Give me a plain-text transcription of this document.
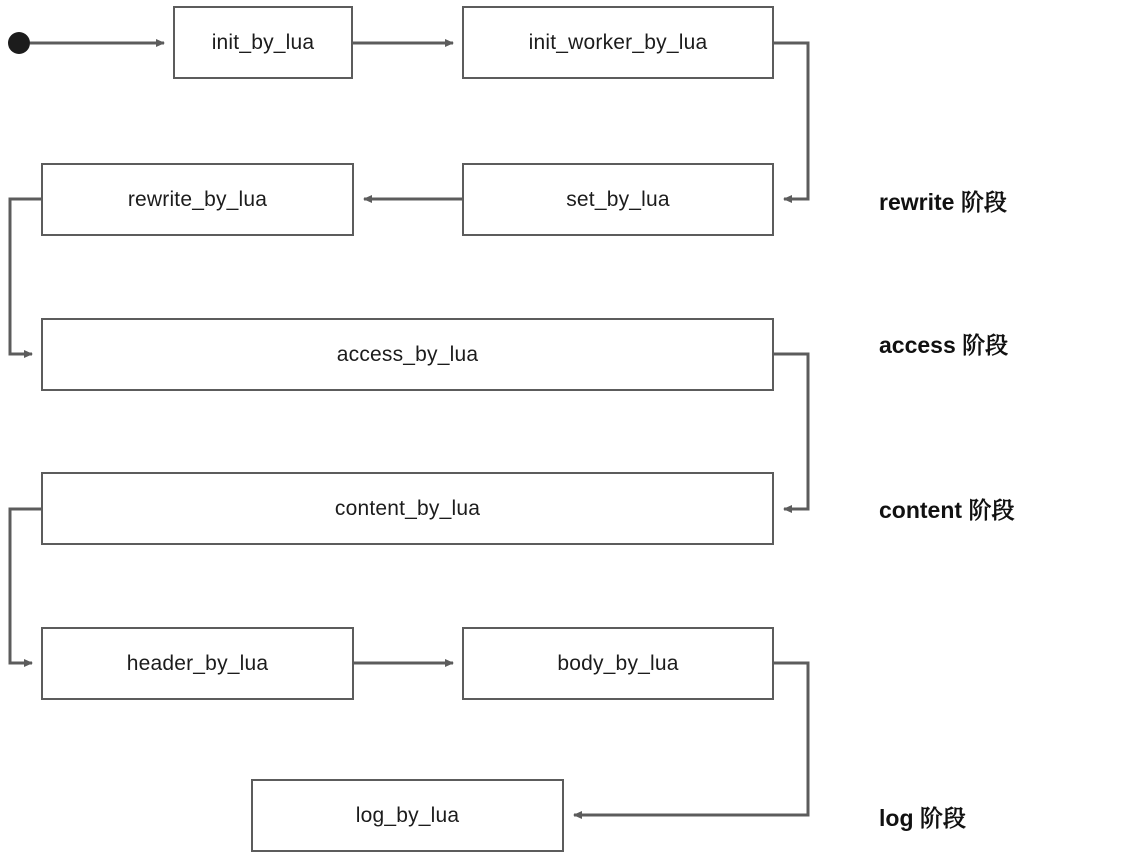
init_by_lua	init_worker_by_lua
rewrite_by_lua	set_by_lua
access_by_lua
content_by_lua
header_by_lua	body_by_lua
log_by_lua
rewrite 阶段
access 阶段
content 阶段
log 阶段
